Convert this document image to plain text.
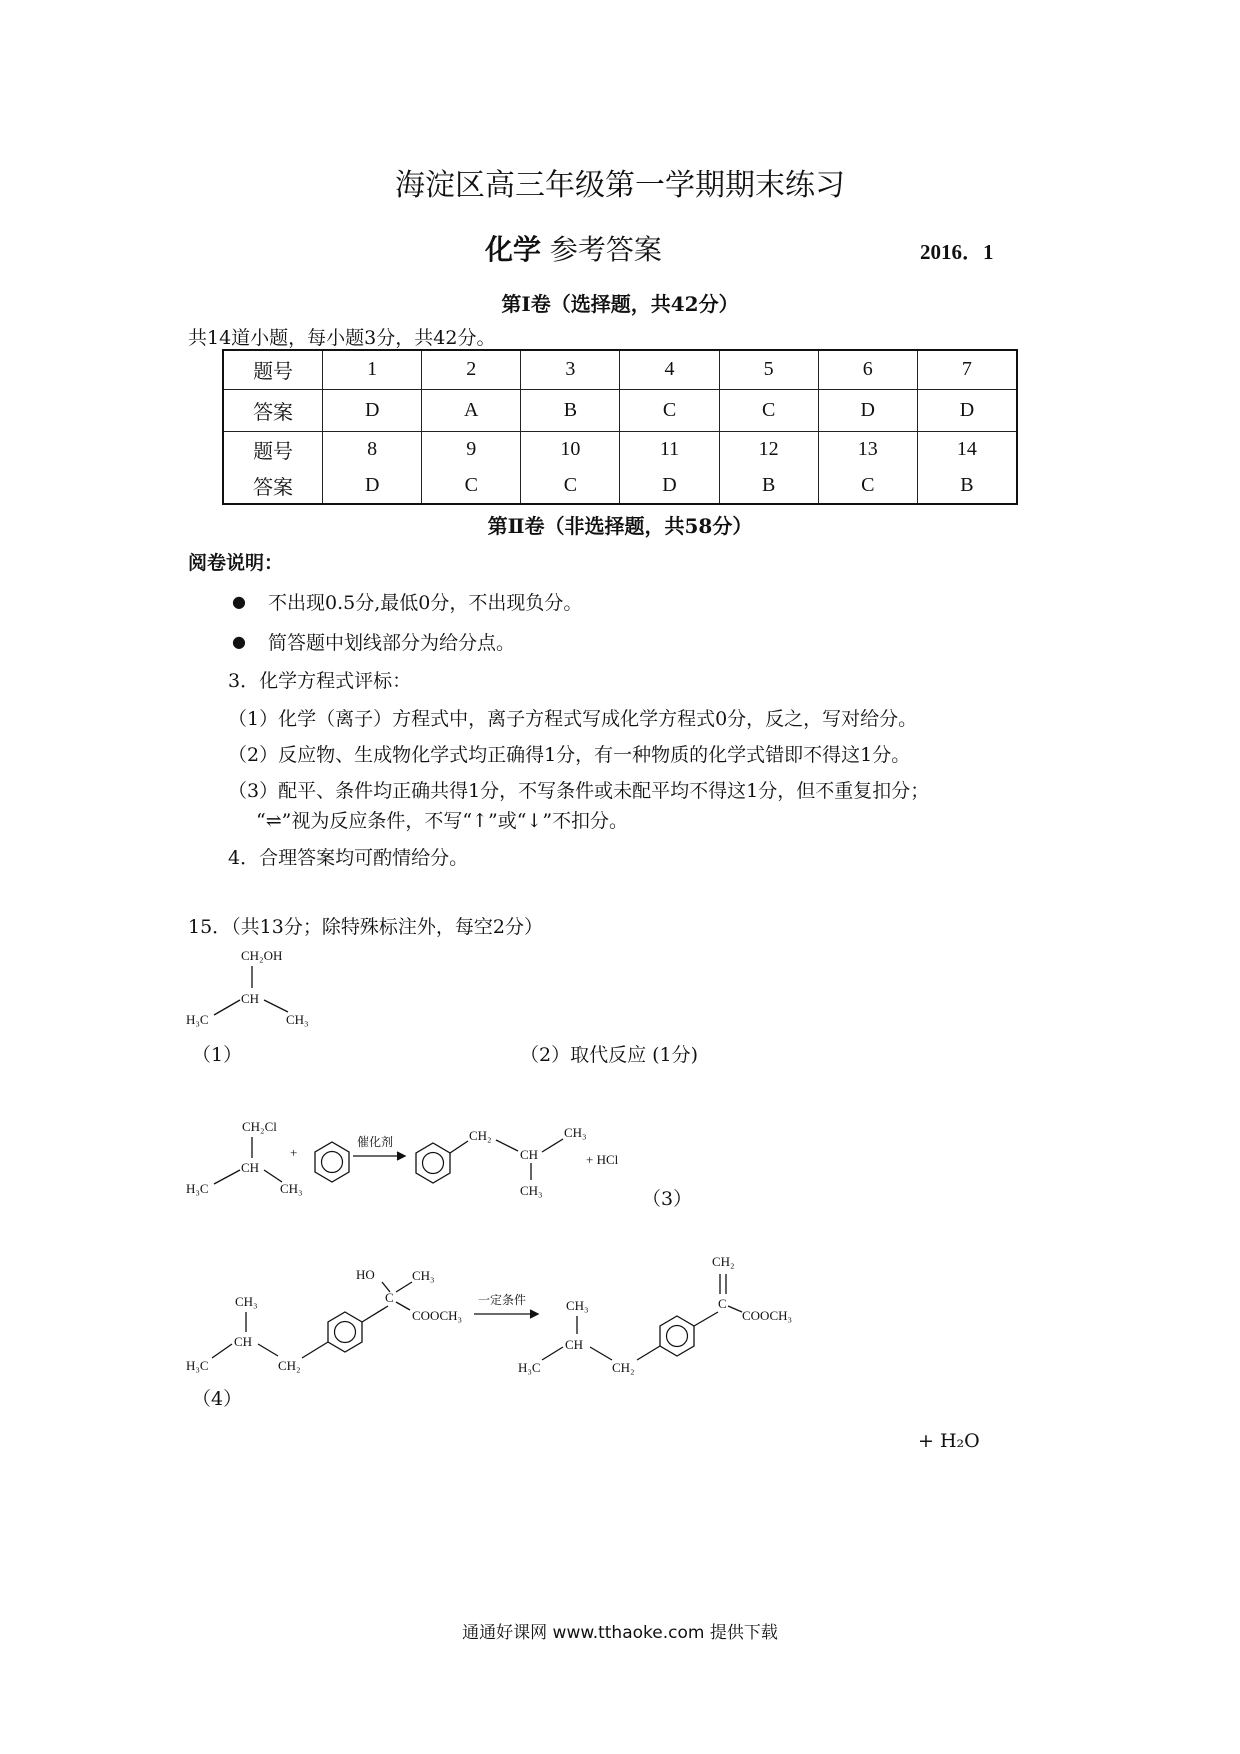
海淀区高三年级第一学期期末练习
化学 参考答案	2016．1
第Ⅰ卷（选择题，共42分）
共14道小题，每小题3分，共42分。
题号	1	2	3	4	5	6	7
答案	D	A	B	C	C	D	D
题号	8	9	10	11	12	13	14
答案	D	C	C	D	B	C	B
第Ⅱ卷（非选择题，共58分）
阅卷说明：
● 不出现0.5分,最低0分，不出现负分。
● 简答题中划线部分为给分点。
3．化学方程式评标：
（1）化学（离子）方程式中，离子方程式写成化学方程式0分，反之，写对给分。
（2）反应物、生成物化学式均正确得1分，有一种物质的化学式错即不得这1分。
（3）配平、条件均正确共得1分，不写条件或未配平均不得这1分，但不重复扣分；
“⇌”视为反应条件，不写“↑”或“↓”不扣分。
4．合理答案均可酌情给分。
15．（共13分；除特殊标注外，每空2分）
CH₂OH
CH
H₃C	CH₃
（1）	（2）取代反应 (1分)
CH₂Cl
CH
H₃C	CH₃
+
催化剂	CH₂
CH
CH₃
CH₃
+ HCl
（3）
CH₃
CH
H₃C	CH₂
C
HO	CH₃
COOCH₃
一定条件	CH₃
CH
H₃C	CH₂
C
CH₂
COOCH₃
（4）
+ H₂O
通通好课网 www.tthaoke.com 提供下载
